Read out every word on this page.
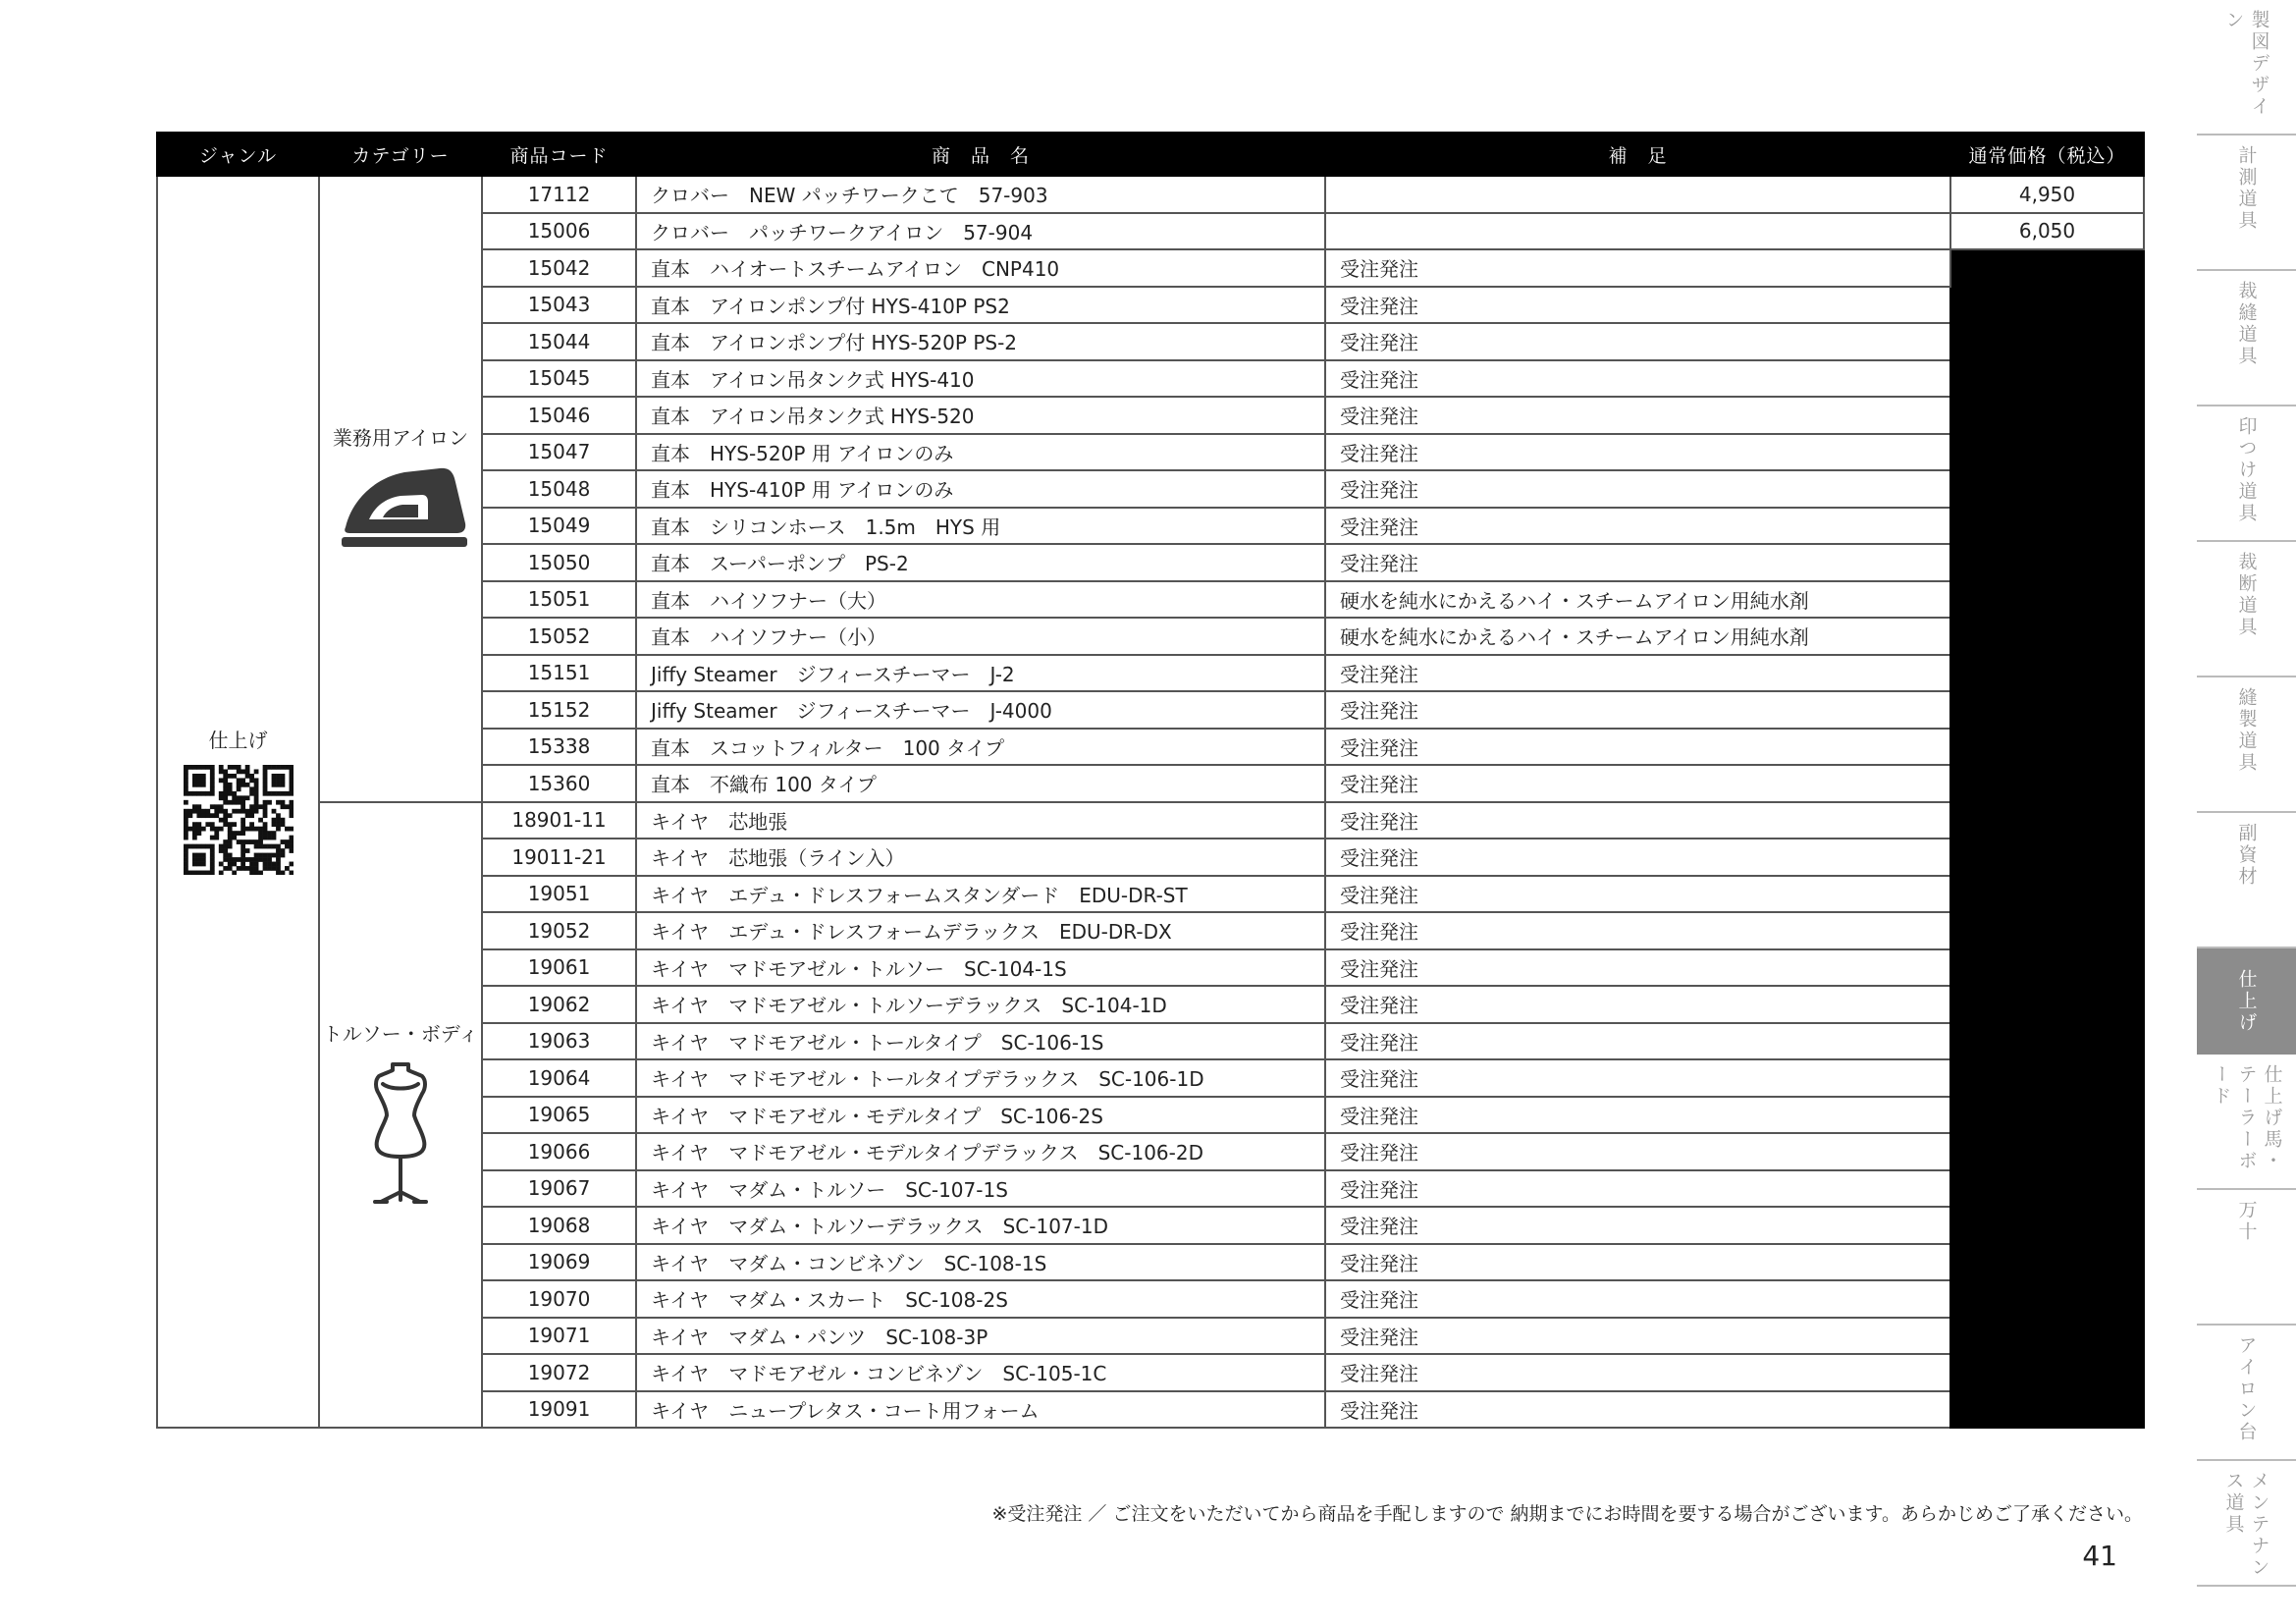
ジャンル	カテゴリー	商品コード	商　品　名	補　足	通常価格（税込）

仕上げ	業務用アイロン	17112	クロバー　NEW パッチワークこて　57-903		4,950
		15006	クロバー　パッチワークアイロン　57-904		6,050
		15042	直本　ハイオートスチームアイロン　CNP410	受注発注	
		15043	直本　アイロンポンプ付 HYS-410P PS2	受注発注	
		15044	直本　アイロンポンプ付 HYS-520P PS-2	受注発注	
		15045	直本　アイロン吊タンク式 HYS-410	受注発注	
		15046	直本　アイロン吊タンク式 HYS-520	受注発注	
		15047	直本　HYS-520P 用 アイロンのみ	受注発注	
		15048	直本　HYS-410P 用 アイロンのみ	受注発注	
		15049	直本　シリコンホース　1.5m　HYS 用	受注発注	
		15050	直本　スーパーポンプ　PS-2	受注発注	
		15051	直本　ハイソフナー（大）	硬水を純水にかえるハイ・スチームアイロン用純水剤	
		15052	直本　ハイソフナー（小）	硬水を純水にかえるハイ・スチームアイロン用純水剤	
		15151	Jiffy Steamer　ジフィースチーマー　J-2	受注発注	
		15152	Jiffy Steamer　ジフィースチーマー　J-4000	受注発注	
		15338	直本　スコットフィルター　100 タイプ	受注発注	
		15360	直本　不織布 100 タイプ	受注発注	

	トルソー・ボディ	18901-11	キイヤ　芯地張	受注発注	
		19011-21	キイヤ　芯地張（ライン入）	受注発注	
		19051	キイヤ　エデュ・ドレスフォームスタンダード　EDU-DR-ST	受注発注	
		19052	キイヤ　エデュ・ドレスフォームデラックス　EDU-DR-DX	受注発注	
		19061	キイヤ　マドモアゼル・トルソー　SC-104-1S	受注発注	
		19062	キイヤ　マドモアゼル・トルソーデラックス　SC-104-1D	受注発注	
		19063	キイヤ　マドモアゼル・トールタイプ　SC-106-1S	受注発注	
		19064	キイヤ　マドモアゼル・トールタイプデラックス　SC-106-1D	受注発注	
		19065	キイヤ　マドモアゼル・モデルタイプ　SC-106-2S	受注発注	
		19066	キイヤ　マドモアゼル・モデルタイプデラックス　SC-106-2D	受注発注	
		19067	キイヤ　マダム・トルソー　SC-107-1S	受注発注	
		19068	キイヤ　マダム・トルソーデラックス　SC-107-1D	受注発注	
		19069	キイヤ　マダム・コンビネゾン　SC-108-1S	受注発注	
		19070	キイヤ　マダム・スカート　SC-108-2S	受注発注	
		19071	キイヤ　マダム・パンツ　SC-108-3P	受注発注	
		19072	キイヤ　マドモアゼル・コンビネゾン　SC-105-1C	受注発注	
		19091	キイヤ　ニュープレタス・コート用フォーム	受注発注	
※受注発注 ／ ご注文をいただいてから商品を手配しますので 納期までにお時間を要する場合がございます。あらかじめご了承ください。
41
製図デザイン
計測道具
裁縫道具
印つけ道具
裁断道具
縫製道具
副資材
仕上げ
仕上げ馬・テーラーボード
万十
アイロン台
メンテナンス道具
